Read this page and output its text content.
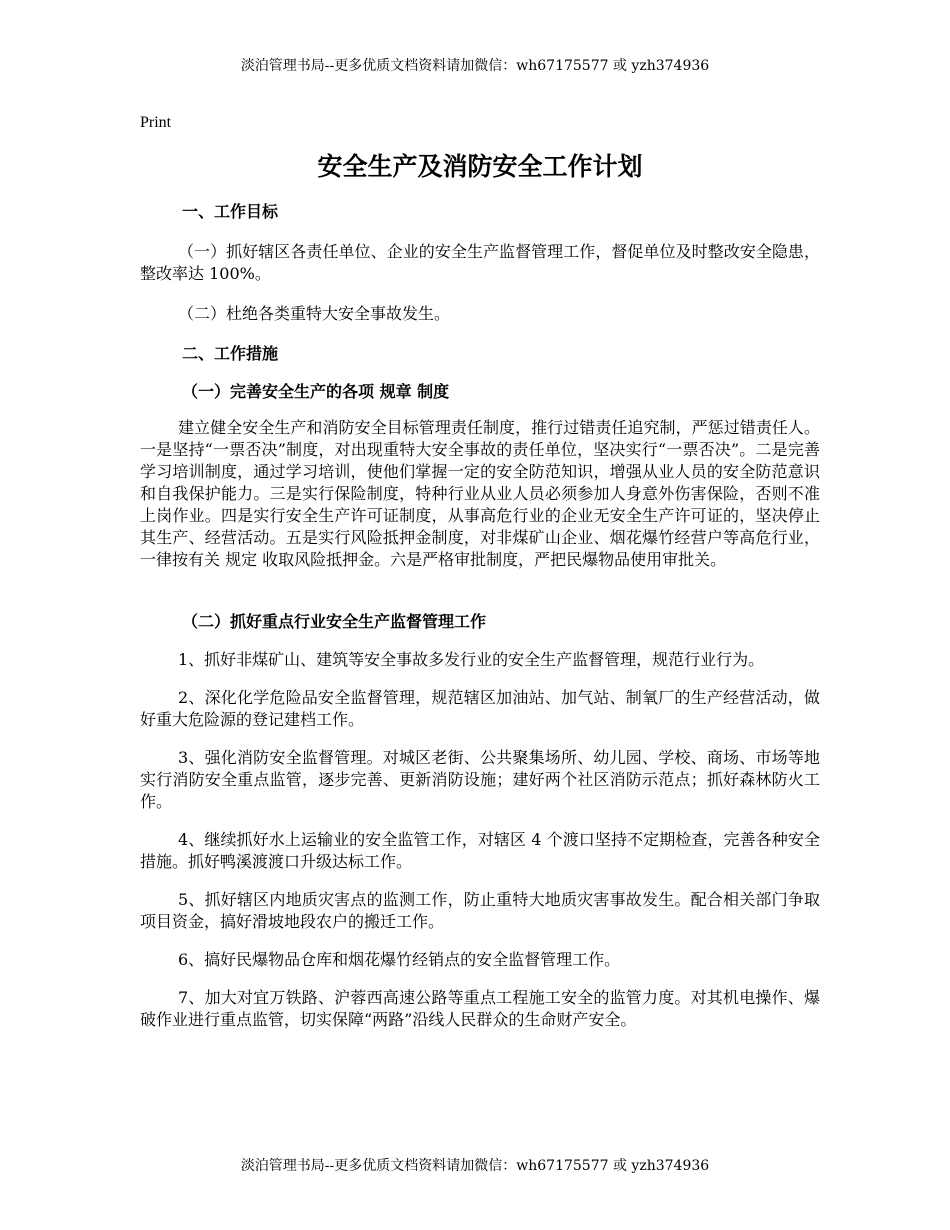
淡泊管理书局--更多优质文档资料请加微信：wh67175577 或 yzh374936

Print

安全生产及消防安全工作计划

一、工作目标

（一）抓好辖区各责任单位、企业的安全生产监督管理工作，督促单位及时整改安全隐患，整改率达 100%。

（二）杜绝各类重特大安全事故发生。

二、工作措施

（一）完善安全生产的各项 规章 制度

建立健全安全生产和消防安全目标管理责任制度，推行过错责任追究制，严惩过错责任人。一是坚持“一票否决”制度，对出现重特大安全事故的责任单位，坚决实行“一票否决”。二是完善学习培训制度，通过学习培训，使他们掌握一定的安全防范知识，增强从业人员的安全防范意识和自我保护能力。三是实行保险制度，特种行业从业人员必须参加人身意外伤害保险，否则不准上岗作业。四是实行安全生产许可证制度，从事高危行业的企业无安全生产许可证的，坚决停止其生产、经营活动。五是实行风险抵押金制度，对非煤矿山企业、烟花爆竹经营户等高危行业，一律按有关 规定 收取风险抵押金。六是严格审批制度，严把民爆物品使用审批关。

（二）抓好重点行业安全生产监督管理工作

1、抓好非煤矿山、建筑等安全事故多发行业的安全生产监督管理，规范行业行为。

2、深化化学危险品安全监督管理，规范辖区加油站、加气站、制氧厂的生产经营活动，做好重大危险源的登记建档工作。

3、强化消防安全监督管理。对城区老街、公共聚集场所、幼儿园、学校、商场、市场等地实行消防安全重点监管，逐步完善、更新消防设施；建好两个社区消防示范点；抓好森林防火工作。

4、继续抓好水上运输业的安全监管工作，对辖区 4 个渡口坚持不定期检查，完善各种安全措施。抓好鸭溪渡渡口升级达标工作。

5、抓好辖区内地质灾害点的监测工作，防止重特大地质灾害事故发生。配合相关部门争取项目资金，搞好滑坡地段农户的搬迁工作。

6、搞好民爆物品仓库和烟花爆竹经销点的安全监督管理工作。

7、加大对宜万铁路、沪蓉西高速公路等重点工程施工安全的监管力度。对其机电操作、爆破作业进行重点监管，切实保障“两路”沿线人民群众的生命财产安全。

淡泊管理书局--更多优质文档资料请加微信：wh67175577 或 yzh374936
